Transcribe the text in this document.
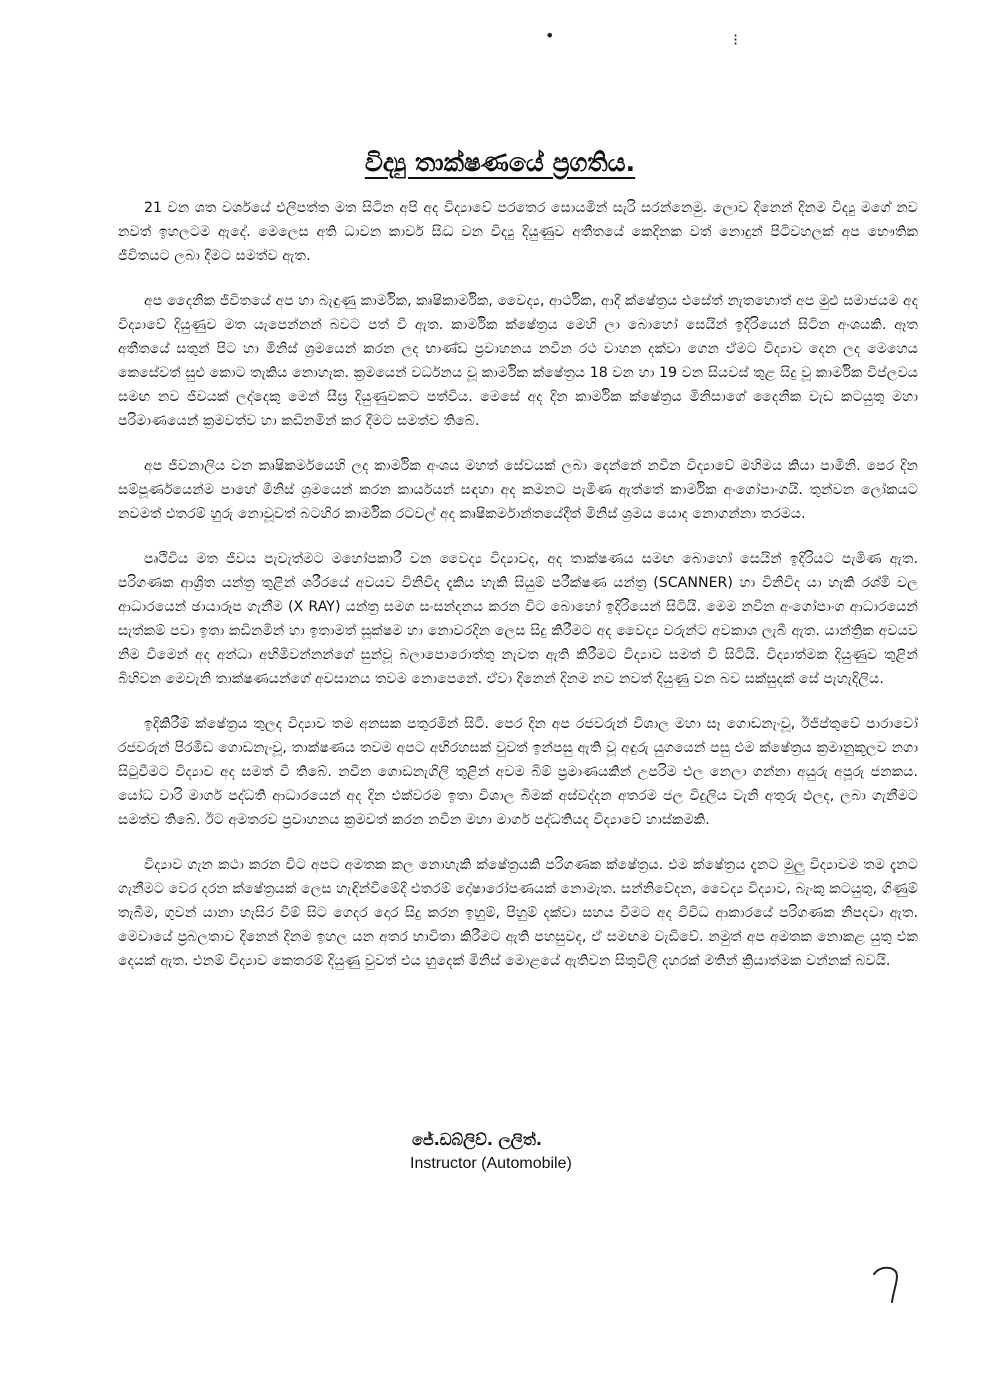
•	⁝
විද්‍යු තාක්ෂණයේ ප්‍රගතිය.

21 වන ශත වර්ශයේ එලිපත්ත මත සිටින අපි අද විද්‍යාවේ පරතෙර සොයමින් සැරි සරන්නෙමු. ලොව දිනෙන් දිනම විද්‍යු මගේ නව නවත් ඉහලටම ඇදේ. මෙලෙස අති ධාවන කාර්ව සිද්‍ධ වන විද්‍යු දියුණුව අතීතයේ කෙදිනක වත් නොදුන් පිටිවහලක් අප භෞතික ජීවිතයට ලබා දීමට සමත්ව ඇත.

අප දෛනික ජීවිතයේ අප හා බැඳුණු කාර්මික, කෘෂිකාර්මික, වෛද්‍ය, ආර්ථික, ආදී ක්ෂේත්‍රය එසේත් නැතහොත් අප මුළු සමාජයම අද විද්‍යාවේ දියුණුව මත යැපෙන්නන් බවට පත් වී ඇත. කාර්මික ක්ෂේත්‍රය මෙහි ලා බොහෝ සෙයින් ඉදිරියෙන් සිටින අංශයකි. ඈත අතීතයේ සතුන් පිට හා මිනිස් ශ්‍රමයෙන් කරන ලද භාණ්ඩ ප්‍රවාහනය නවීන රථ වාහන දක්වා ගෙන ඒමට විද්‍යාව දෙන ලද මෙහෙය කෙසේවත් සුළු කොට තැකිය නොහැක. ක්‍රමයෙන් වර්ධනය වූ කාර්මික ක්ෂේත්‍රය 18 වන හා 19 වන සියවස් තුළ සිදු වූ කාර්මික විප්ලවය සමඟ නව ජීවයක් ලද්දෙකු මෙන් සීඝ්‍ර දියුණුවකට පත්විය. මෙසේ අද දින කාර්මික ක්ෂේත්‍රය මිනිසාගේ දෛනික වැඩ කටයුතු මහා පරිමාණයෙන් ක්‍රමවත්ව හා කඩිනමින් කර දීමට සමත්ව තිබේ.

අප ජීවනාලිය වන කෘෂිකර්මයෙහි ලද කාර්මික අංශය මහත් සේවයක් ලබා දෙන්නේ නවීන විද්‍යාවේ මහිමය කියා පාමිනි. පෙර දින සම්පූර්ණයෙන්ම පාහේ මිනිස් ශ්‍රමයෙන් කරන කාර්යයන් සඳහා අද කමනට පැමිණ ඇත්තේ කාර්මික අංගෝපාංගයි. තුන්වන ලෝකයට නවමත් එතරම් හුරු නොවූවත් බටහිර කාර්මික රටවල් අද කෘෂිකර්මාන්තයේදීත් මිනිස් ශ්‍රමය යොද නොගන්නා තරමය.

පෘථිවිය මත ජීවය පැවැත්මට මහෝපකාරී වන වෛද්‍ය විද්‍යාවද, අද තාක්ෂණය සමඟ බොහෝ සෙයින් ඉදිරියට පැමිණ ඇත. පරිගණක ආශ්‍රිත යන්ත්‍ර තුළින් ශරීරයේ අවයව විනිවිද දැකිය හැකි සියුම් පරීක්ෂණ යන්ත්‍ර (SCANNER) හා විනිවිද යා හැකි රශ්මි වල ආධාරයෙන් ඡායාරූප ගැනීම (X RAY) යන්ත්‍ර සමග සංසන්දනය කරන විට බොහෝ ඉදිරියෙන් සිටියි. මෙම නවීන අංගෝපාංග ආධාරයෙන් සැත්කම් පවා ඉතා කඩිනමින් හා ඉතාමත් සූක්ෂම හා නොවරදින ලෙස සිදු කිරීමට අද වෛද්‍ය වරුන්ට අවකාශ ලැබී ඇත. යාන්ත්‍රික අවයව නිම වීමෙන් අද අන්ධා අභිමිවන්නන්ගේ සුන්වූ බලාපොරොත්තු නැවත ඇති කිරීමට විද්‍යාව සමත් වී සිටියි. විද්‍යාත්මක දියුණුව තුළින් බිහිවන මෙවැනි තාක්ෂණයන්ගේ අවසානය තවම නොපෙනේ. ඒවා දිනෙන් දිනම නව නවත් දියුණු වන බව සක්සුදක් සේ පැහැදිලිය.

ඉදිකිරීම් ක්ෂේත්‍රය තුලද විද්‍යාව තම අනසක පතුරමින් සිටී. පෙර දින අප රජවරුන් විශාල මහා සෑ ගොඩනැංවූ, ඊජිප්තුවේ පාරාවෝ රජවරුන් පිරමීඩ ගොඩනැංවූ, තාක්ෂණය තවම අපට අභිරහසක් වුවත් ඉන්පසු ඇති වූ අඳුරු යුගයෙන් පසු එම ක්ෂේත්‍රය ක්‍රමානුකූලව නගා සිටුවීමට විද්‍යාව අද සමත් වී තිබේ. නවීන ගොඩනැගිලි තුළින් අවම බිම් ප්‍රමාණයකින් උපරිම එල නෙලා ගන්නා අයුරු අපූරු ජනකය. යෝධ වාරි මාර්ග පද්ධති ආධාරයෙන් අද දින එක්වරම ඉතා විශාල බිමක් අස්වද්දන අතරම ජල විදුලිය වැනි අතුරු ඵලද, ලබා ගැනීමට සමත්ව තිබේ. ඊට අමතරව ප්‍රවාහනය ක්‍රමවත් කරන නවීන මහා මාර්ග පද්ධතියද විද්‍යාවේ හාස්කමකි.

විද්‍යාව ගැන කථා කරන විට අපට අමතක කල නොහැකි ක්ෂේත්‍රයකි පරිගණක ක්ෂේත්‍රය. එම ක්ෂේත්‍රය දැනට මුලු විද්‍යාවම තම දැනට ගැනීමට වෙර දරන ක්ෂේත්‍රයක් ලෙස හැඳින්වීමේදී එතරම් දෝෂාරෝපණයක් නොමැත. සන්නිවේදන, වෛද්‍ය විද්‍යාව, බැංකු කටයුතු, ගිණුම් තැබීම, ගුවන් යානා හැසිර වීම් සිට ගෙදර දොර සිදු කරන ඉහුම්, පිහුම් දක්වා සහය වීමට අද විවිධ ආකාරයේ පරිගණක නිපදවා ඇත. මෙවායේ ප්‍රබලතාව දිනෙන් දිනම ඉහල යන අතර භාවිතා කිරීමට ඇති පහසුවද, ඒ සමඟම වැඩිවේ. නමුත් අප අමතක නොකළ යුතු එක දෙයක් ඇත. එනම් විද්‍යාව කෙතරම් දියුණු වුවත් එය හුදෙක් මිනිස් මොළයේ ඇතිවන සිතුවිලි දහරක් මතින් ක්‍රියාත්මක වන්නක් බවයි.

ජේ.ඩබ්ලිව්. ලලිත්.
Instructor (Automobile)
